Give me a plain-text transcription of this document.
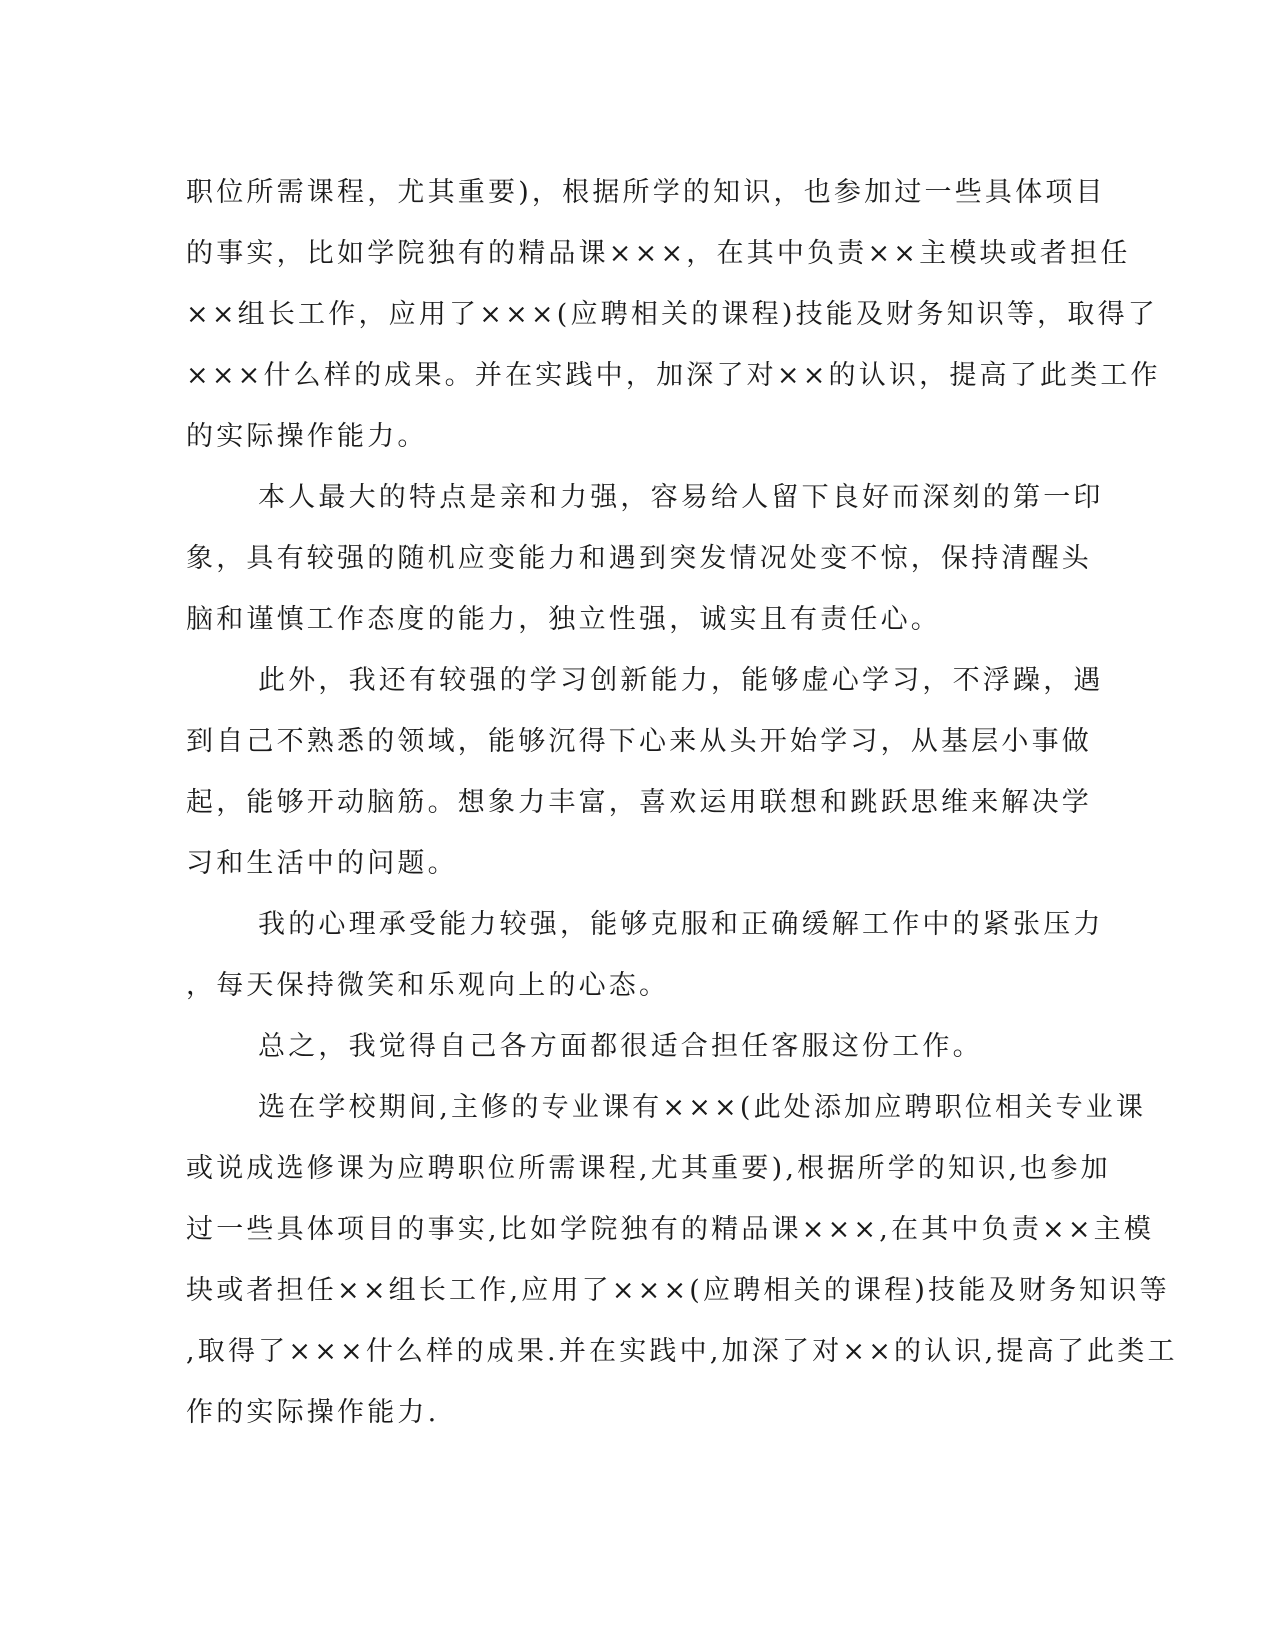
职位所需课程，尤其重要)，根据所学的知识，也参加过一些具体项目
的事实，比如学院独有的精品课×××，在其中负责××主模块或者担任
××组长工作，应用了×××(应聘相关的课程)技能及财务知识等，取得了
×××什么样的成果。并在实践中，加深了对××的认识，提高了此类工作
的实际操作能力。
本人最大的特点是亲和力强，容易给人留下良好而深刻的第一印
象，具有较强的随机应变能力和遇到突发情况处变不惊，保持清醒头
脑和谨慎工作态度的能力，独立性强，诚实且有责任心。
此外，我还有较强的学习创新能力，能够虚心学习，不浮躁，遇
到自己不熟悉的领域，能够沉得下心来从头开始学习，从基层小事做
起，能够开动脑筋。想象力丰富，喜欢运用联想和跳跃思维来解决学
习和生活中的问题。
我的心理承受能力较强，能够克服和正确缓解工作中的紧张压力
，每天保持微笑和乐观向上的心态。
总之，我觉得自己各方面都很适合担任客服这份工作。
选在学校期间,主修的专业课有×××(此处添加应聘职位相关专业课
或说成选修课为应聘职位所需课程,尤其重要),根据所学的知识,也参加
过一些具体项目的事实,比如学院独有的精品课×××,在其中负责××主模
块或者担任××组长工作,应用了×××(应聘相关的课程)技能及财务知识等
,取得了×××什么样的成果.并在实践中,加深了对××的认识,提高了此类工
作的实际操作能力.
